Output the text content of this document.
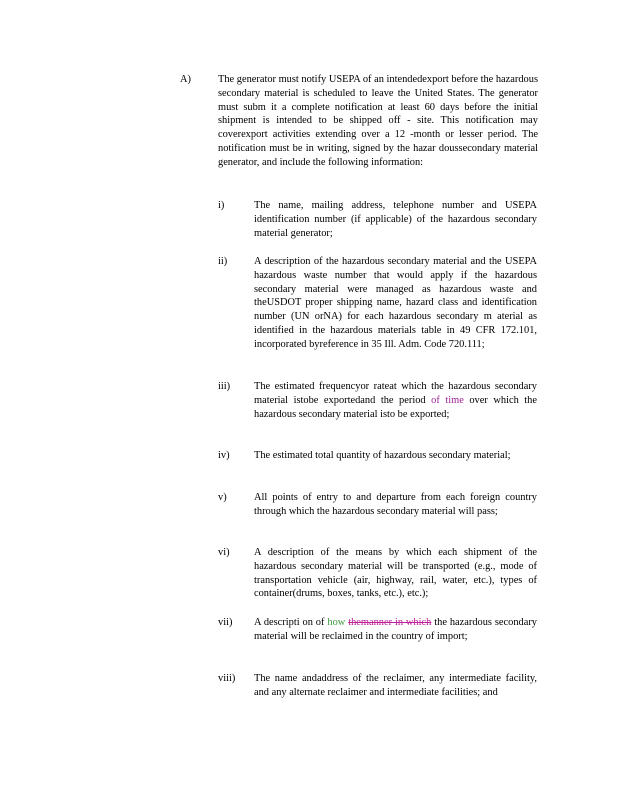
A)	The generator must notify USEPA of an intendedexport before the hazardous secondary material is scheduled to leave the United States. The generator must subm it a complete notification at least 60 days before the initial shipment is intended to be shipped off - site. This notification may coverexport activities extending over a 12 -month or lesser period. The notification must be in writing, signed by the hazar doussecondary material generator, and include the following information:
i)	The name, mailing address, telephone number and USEPA identification number (if applicable) of the hazardous secondary material generator;
ii)	A description of the hazardous secondary material and the USEPA hazardous waste number that would apply if the hazardous secondary material were managed as hazardous waste and theUSDOT proper shipping name, hazard class and identification number (UN orNA) for each hazardous secondary m aterial as identified in the hazardous materials table in 49 CFR 172.101, incorporated byreference in 35 Ill. Adm. Code 720.111;
iii)	The estimated frequencyor rateat which the hazardous secondary material istobe exportedand the period of time over which the hazardous secondary material isto be exported;
iv)	The estimated total quantity of hazardous secondary material;
v)	All points of entry to and departure from each foreign country through which the hazardous secondary material will pass;
vi)	A description of the means by which each shipment of the hazardous secondary material will be transported (e.g., mode of transportation vehicle (air, highway, rail, water, etc.), types of container(drums, boxes, tanks, etc.), etc.);
vii)	A descripti on of how themanner in which the hazardous secondary material will be reclaimed in the country of import;
viii)	The name andaddress of the reclaimer, any intermediate facility, and any alternate reclaimer and intermediate facilities; and
